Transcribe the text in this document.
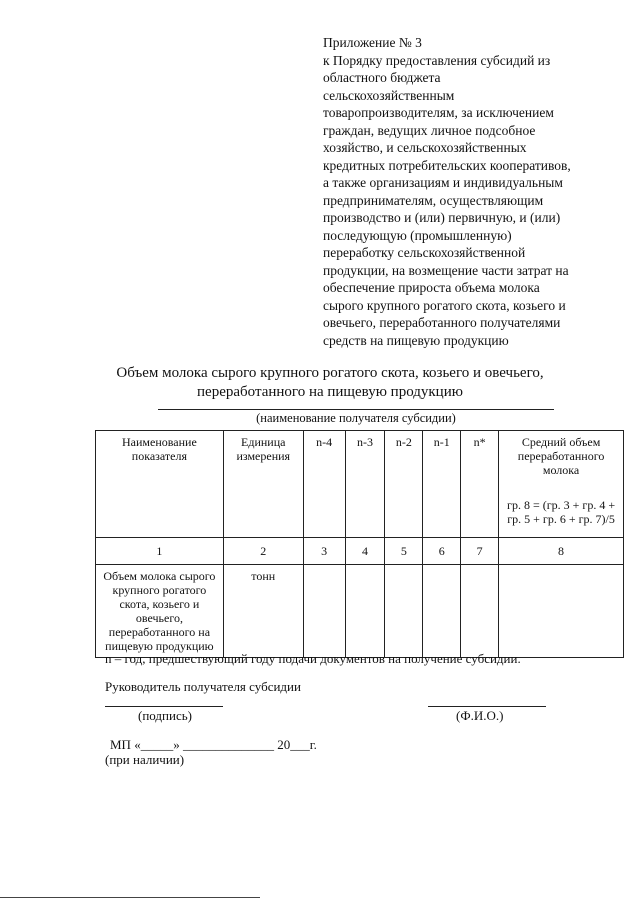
Приложение № 3
к Порядку предоставления субсидий из
областного бюджета
сельскохозяйственным
товаропроизводителям, за исключением
граждан, ведущих личное подсобное
хозяйство, и сельскохозяйственных
кредитных потребительских кооперативов,
а также организациям и индивидуальным
предпринимателям, осуществляющим
производство и (или) первичную, и (или)
последующую (промышленную)
переработку сельскохозяйственной
продукции, на возмещение части затрат на
обеспечение прироста объема молока
сырого крупного рогатого скота, козьего и
овечьего, переработанного получателями
средств на пищевую продукцию
Объем молока сырого крупного рогатого скота, козьего и овечьего,
переработанного на пищевую продукцию
(наименование получателя субсидии)
Наименование показателя	Единица измерения	n-4	n-3	n-2	n-1	n*	Средний объем переработанного молока
гр. 8 = (гр. 3 + гр. 4 + гр. 5 + гр. 6 + гр. 7)/5

1	2	3	4	5	6	7	8
Объем молока сырого крупного рогатого скота, козьего и овечьего, переработанного на пищевую продукцию	тонн						
n – год, предшествующий году подачи документов на получение субсидии.
Руководитель получателя субсидии
(подпись)	(Ф.И.О.)
МП «_____» ______________ 20___г.
(при наличии)
